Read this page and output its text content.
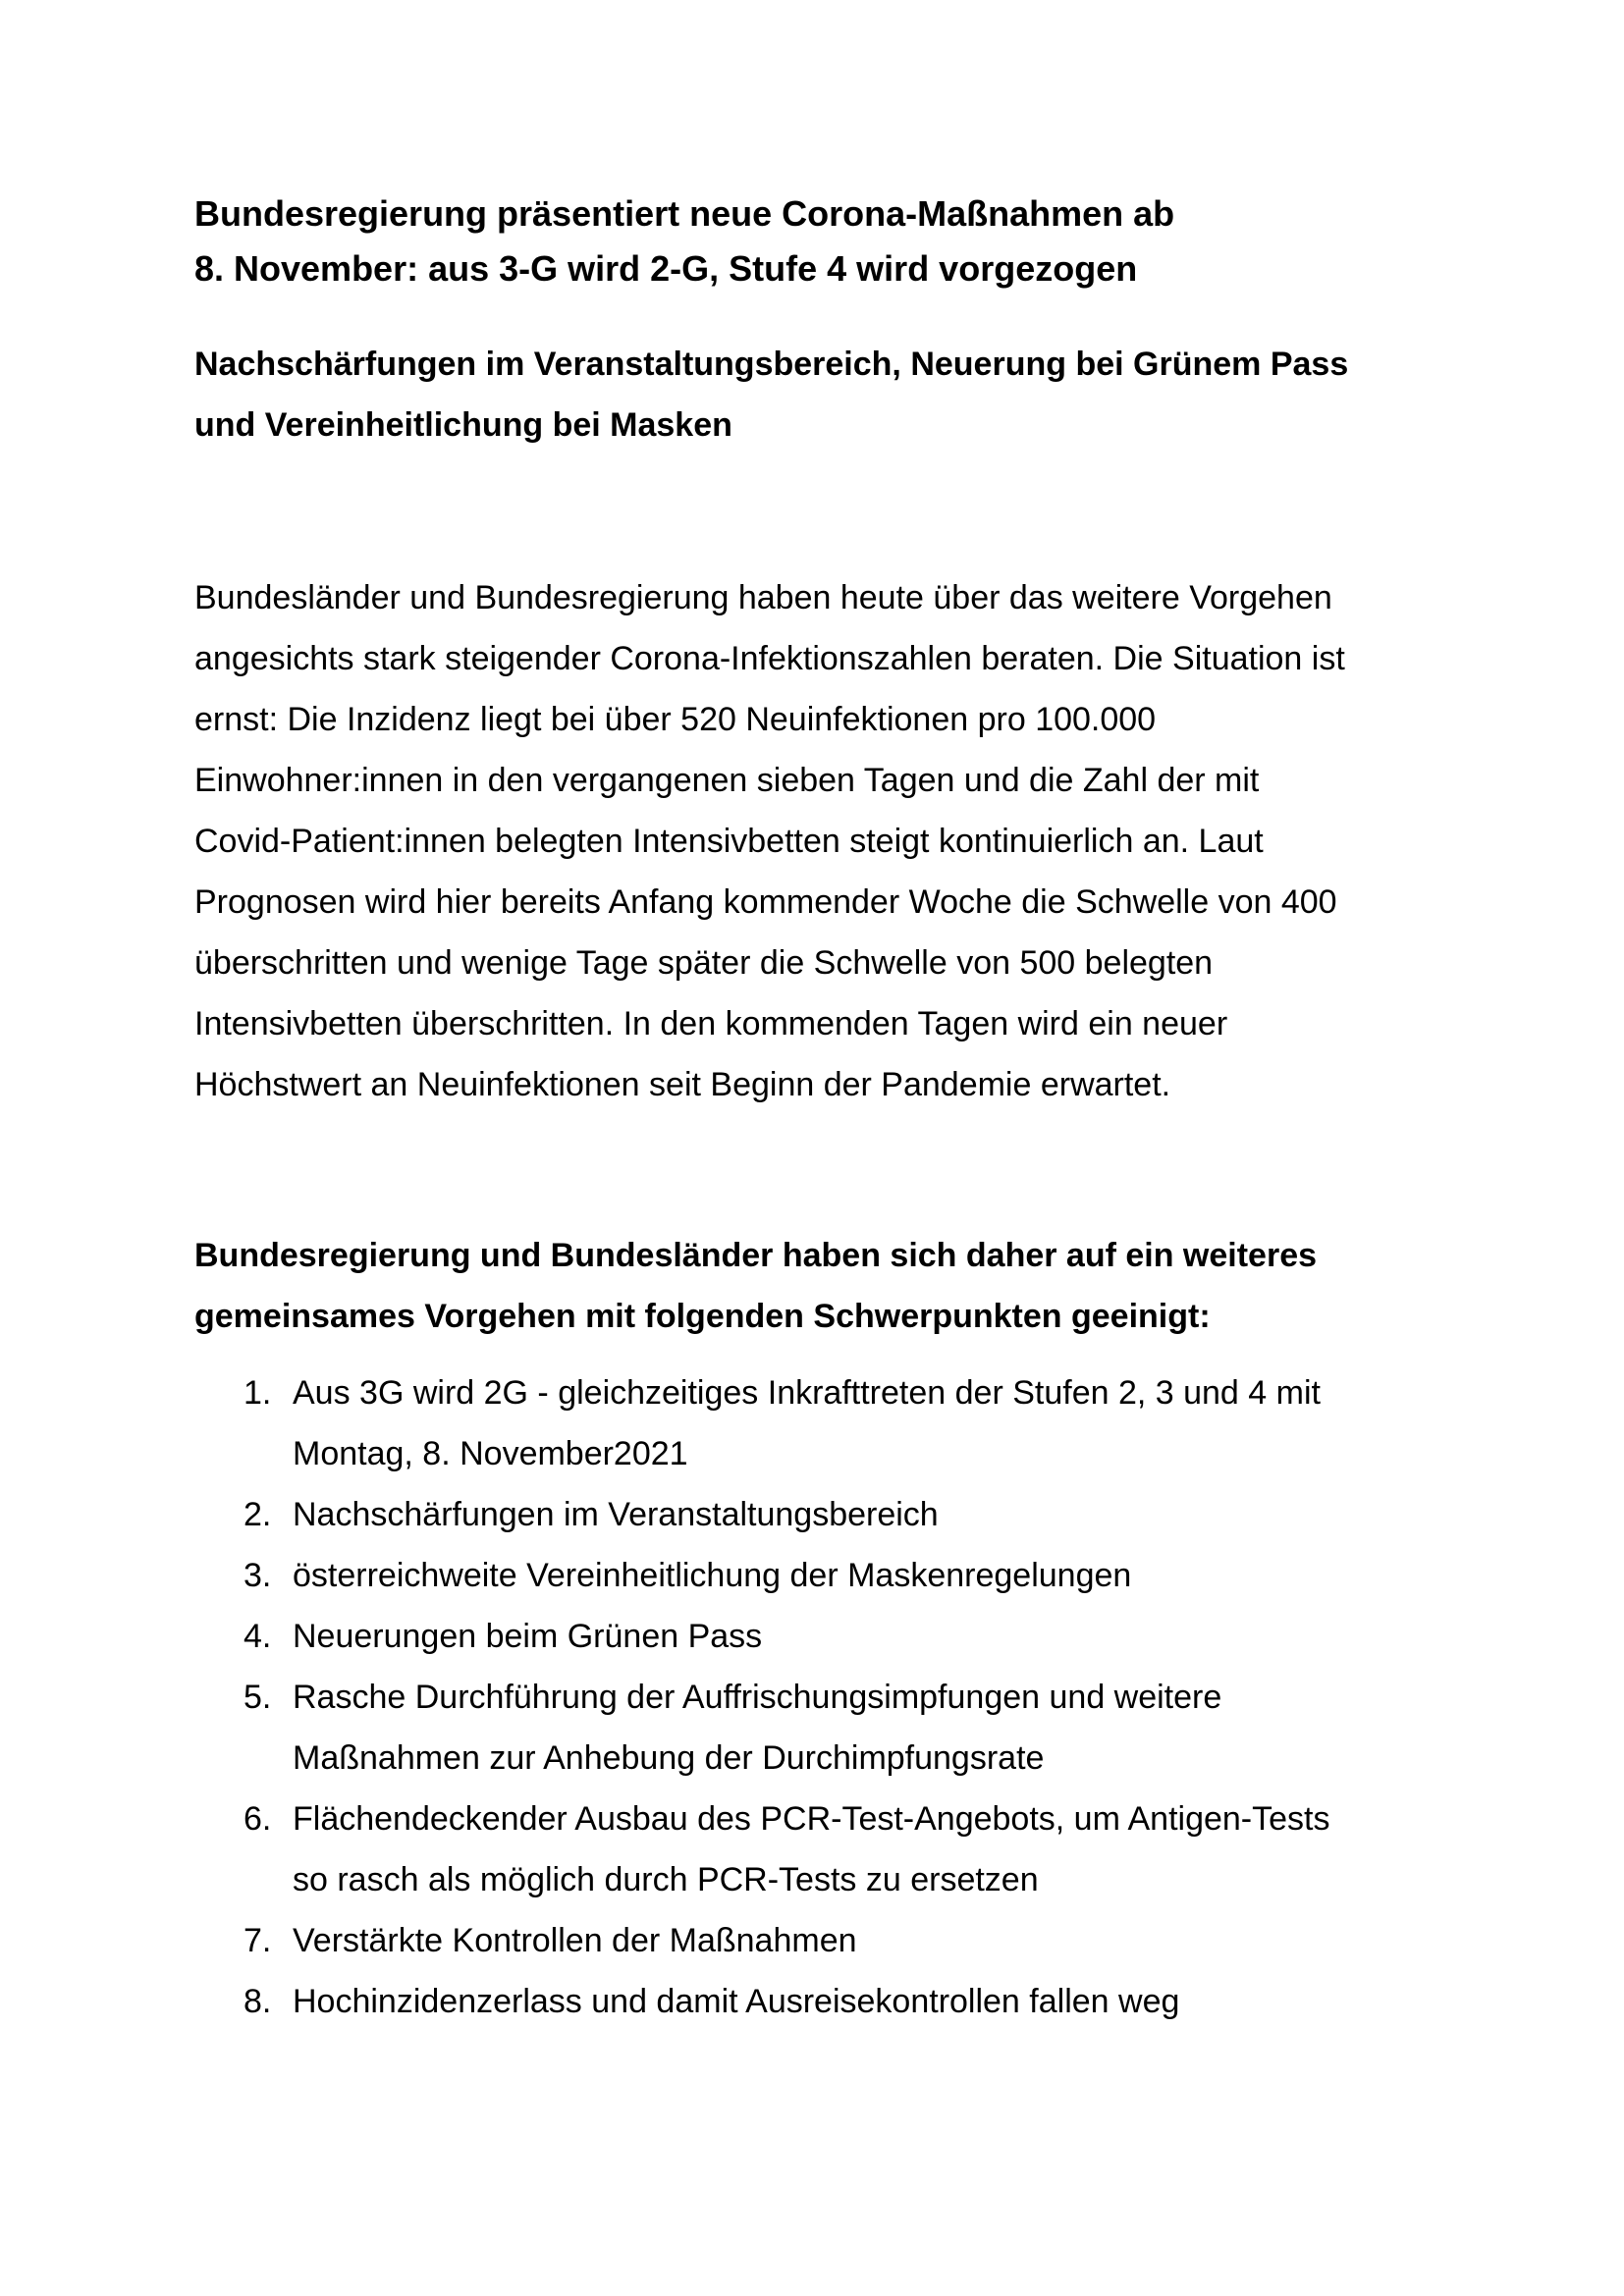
Bundesregierung präsentiert neue Corona-Maßnahmen ab
8. November: aus 3-G wird 2-G, Stufe 4 wird vorgezogen
Nachschärfungen im Veranstaltungsbereich, Neuerung bei Grünem Pass
und Vereinheitlichung bei Masken

Bundesländer und Bundesregierung haben heute über das weitere Vorgehen
angesichts stark steigender Corona-Infektionszahlen beraten. Die Situation ist
ernst: Die Inzidenz liegt bei über 520 Neuinfektionen pro 100.000
Einwohner:innen in den vergangenen sieben Tagen und die Zahl der mit
Covid-Patient:innen belegten Intensivbetten steigt kontinuierlich an. Laut
Prognosen wird hier bereits Anfang kommender Woche die Schwelle von 400
überschritten und wenige Tage später die Schwelle von 500 belegten
Intensivbetten überschritten. In den kommenden Tagen wird ein neuer
Höchstwert an Neuinfektionen seit Beginn der Pandemie erwartet.

Bundesregierung und Bundesländer haben sich daher auf ein weiteres
gemeinsames Vorgehen mit folgenden Schwerpunkten geeinigt:
1. Aus 3G wird 2G - gleichzeitiges Inkrafttreten der Stufen 2, 3 und 4 mit
Montag, 8. November2021
2. Nachschärfungen im Veranstaltungsbereich
3. österreichweite Vereinheitlichung der Maskenregelungen
4. Neuerungen beim Grünen Pass
5. Rasche Durchführung der Auffrischungsimpfungen und weitere
Maßnahmen zur Anhebung der Durchimpfungsrate
6. Flächendeckender Ausbau des PCR-Test-Angebots, um Antigen-Tests
so rasch als möglich durch PCR-Tests zu ersetzen
7. Verstärkte Kontrollen der Maßnahmen
8. Hochinzidenzerlass und damit Ausreisekontrollen fallen weg
